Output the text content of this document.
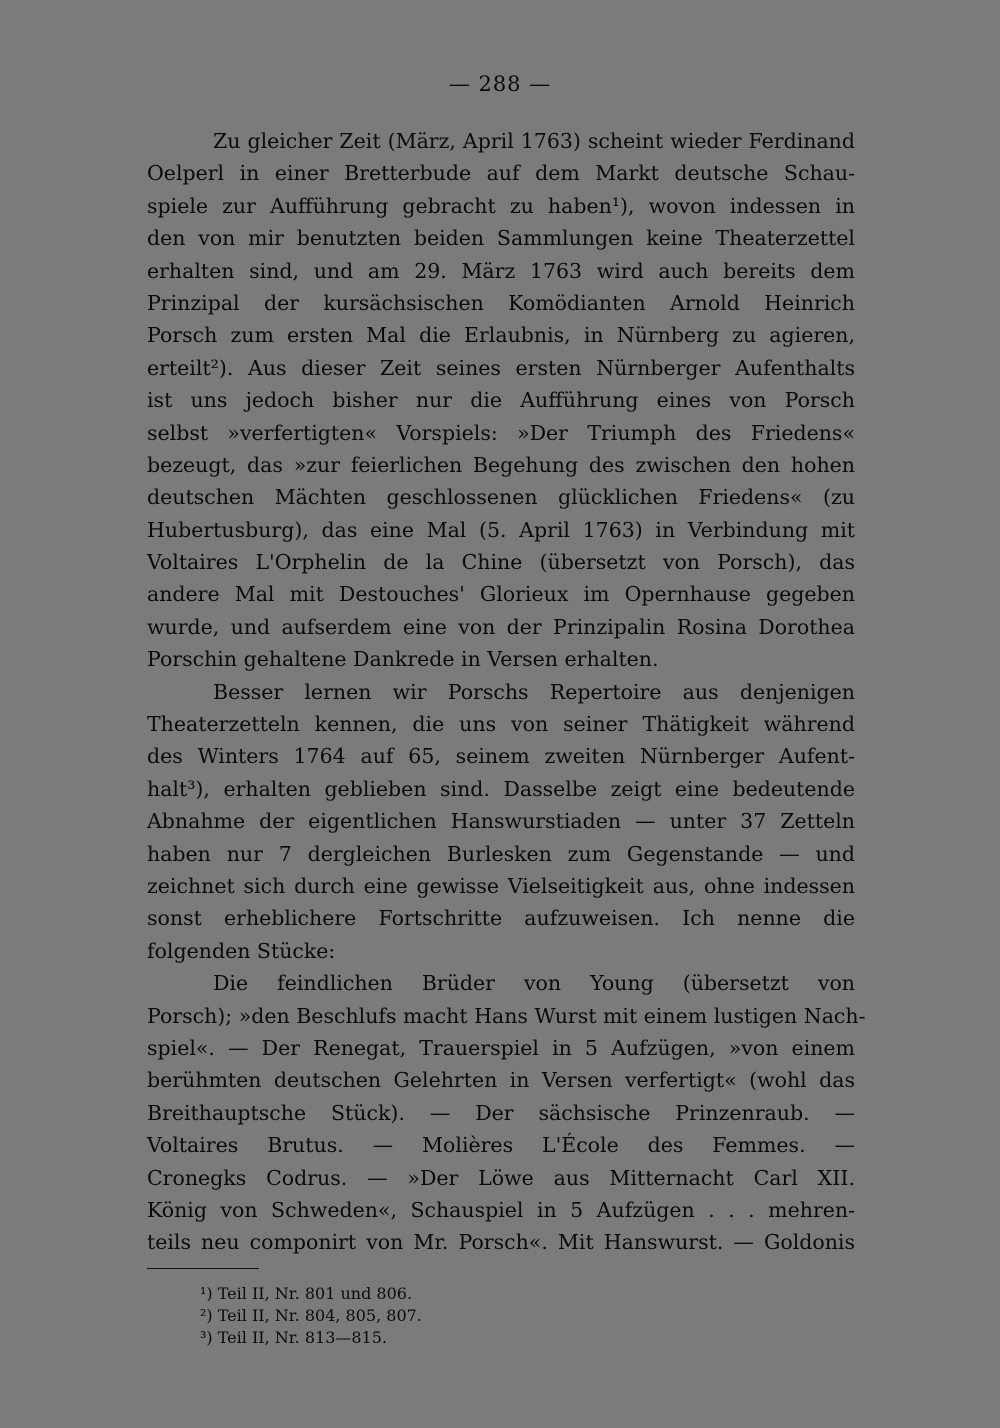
— 288 —
Zu gleicher Zeit (März, April 1763) scheint wieder Ferdinand
Oelperl in einer Bretterbude auf dem Markt deutsche Schau-
spiele zur Aufführung gebracht zu haben¹), wovon indessen in
den von mir benutzten beiden Sammlungen keine Theaterzettel
erhalten sind, und am 29. März 1763 wird auch bereits dem
Prinzipal der kursächsischen Komödianten Arnold Heinrich
Porsch zum ersten Mal die Erlaubnis, in Nürnberg zu agieren,
erteilt²). Aus dieser Zeit seines ersten Nürnberger Aufenthalts
ist uns jedoch bisher nur die Aufführung eines von Porsch
selbst »verfertigten« Vorspiels: »Der Triumph des Friedens«
bezeugt, das »zur feierlichen Begehung des zwischen den hohen
deutschen Mächten geschlossenen glücklichen Friedens« (zu
Hubertusburg), das eine Mal (5. April 1763) in Verbindung mit
Voltaires L'Orphelin de la Chine (übersetzt von Porsch), das
andere Mal mit Destouches' Glorieux im Opernhause gegeben
wurde, und aufserdem eine von der Prinzipalin Rosina Dorothea
Porschin gehaltene Dankrede in Versen erhalten.
Besser lernen wir Porschs Repertoire aus denjenigen
Theaterzetteln kennen, die uns von seiner Thätigkeit während
des Winters 1764 auf 65, seinem zweiten Nürnberger Aufent-
halt³), erhalten geblieben sind. Dasselbe zeigt eine bedeutende
Abnahme der eigentlichen Hanswurstiaden — unter 37 Zetteln
haben nur 7 dergleichen Burlesken zum Gegenstande — und
zeichnet sich durch eine gewisse Vielseitigkeit aus, ohne indessen
sonst erheblichere Fortschritte aufzuweisen. Ich nenne die
folgenden Stücke:
Die feindlichen Brüder von Young (übersetzt von
Porsch); »den Beschlufs macht Hans Wurst mit einem lustigen Nach-
spiel«. — Der Renegat, Trauerspiel in 5 Aufzügen, »von einem
berühmten deutschen Gelehrten in Versen verfertigt« (wohl das
Breithauptsche Stück). — Der sächsische Prinzenraub. —
Voltaires Brutus. — Molières L'École des Femmes. —
Cronegks Codrus. — »Der Löwe aus Mitternacht Carl XII.
König von Schweden«, Schauspiel in 5 Aufzügen . . . mehren-
teils neu componirt von Mr. Porsch«. Mit Hanswurst. — Goldonis
¹) Teil II, Nr. 801 und 806.
²) Teil II, Nr. 804, 805, 807.
³) Teil II, Nr. 813—815.
